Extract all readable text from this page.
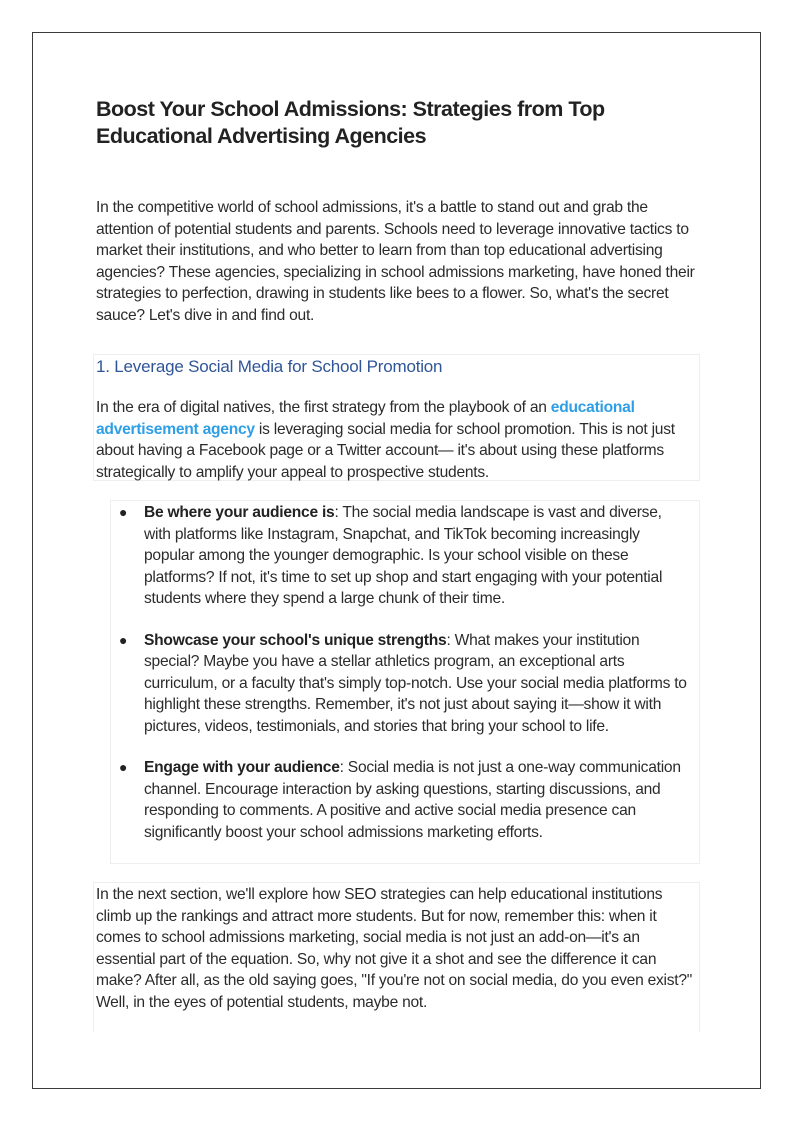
Boost Your School Admissions: Strategies from Top Educational Advertising Agencies

In the competitive world of school admissions, it's a battle to stand out and grab the attention of potential students and parents. Schools need to leverage innovative tactics to market their institutions, and who better to learn from than top educational advertising agencies? These agencies, specializing in school admissions marketing, have honed their strategies to perfection, drawing in students like bees to a flower. So, what's the secret sauce? Let's dive in and find out.

1. Leverage Social Media for School Promotion

In the era of digital natives, the first strategy from the playbook of an educational advertisement agency is leveraging social media for school promotion. This is not just about having a Facebook page or a Twitter account— it's about using these platforms strategically to amplify your appeal to prospective students.

● Be where your audience is: The social media landscape is vast and diverse, with platforms like Instagram, Snapchat, and TikTok becoming increasingly popular among the younger demographic. Is your school visible on these platforms? If not, it's time to set up shop and start engaging with your potential students where they spend a large chunk of their time.
● Showcase your school's unique strengths: What makes your institution special? Maybe you have a stellar athletics program, an exceptional arts curriculum, or a faculty that's simply top-notch. Use your social media platforms to highlight these strengths. Remember, it's not just about saying it—show it with pictures, videos, testimonials, and stories that bring your school to life.
● Engage with your audience: Social media is not just a one-way communication channel. Encourage interaction by asking questions, starting discussions, and responding to comments. A positive and active social media presence can significantly boost your school admissions marketing efforts.

In the next section, we'll explore how SEO strategies can help educational institutions climb up the rankings and attract more students. But for now, remember this: when it comes to school admissions marketing, social media is not just an add-on—it's an essential part of the equation. So, why not give it a shot and see the difference it can make? After all, as the old saying goes, "If you're not on social media, do you even exist?" Well, in the eyes of potential students, maybe not.
